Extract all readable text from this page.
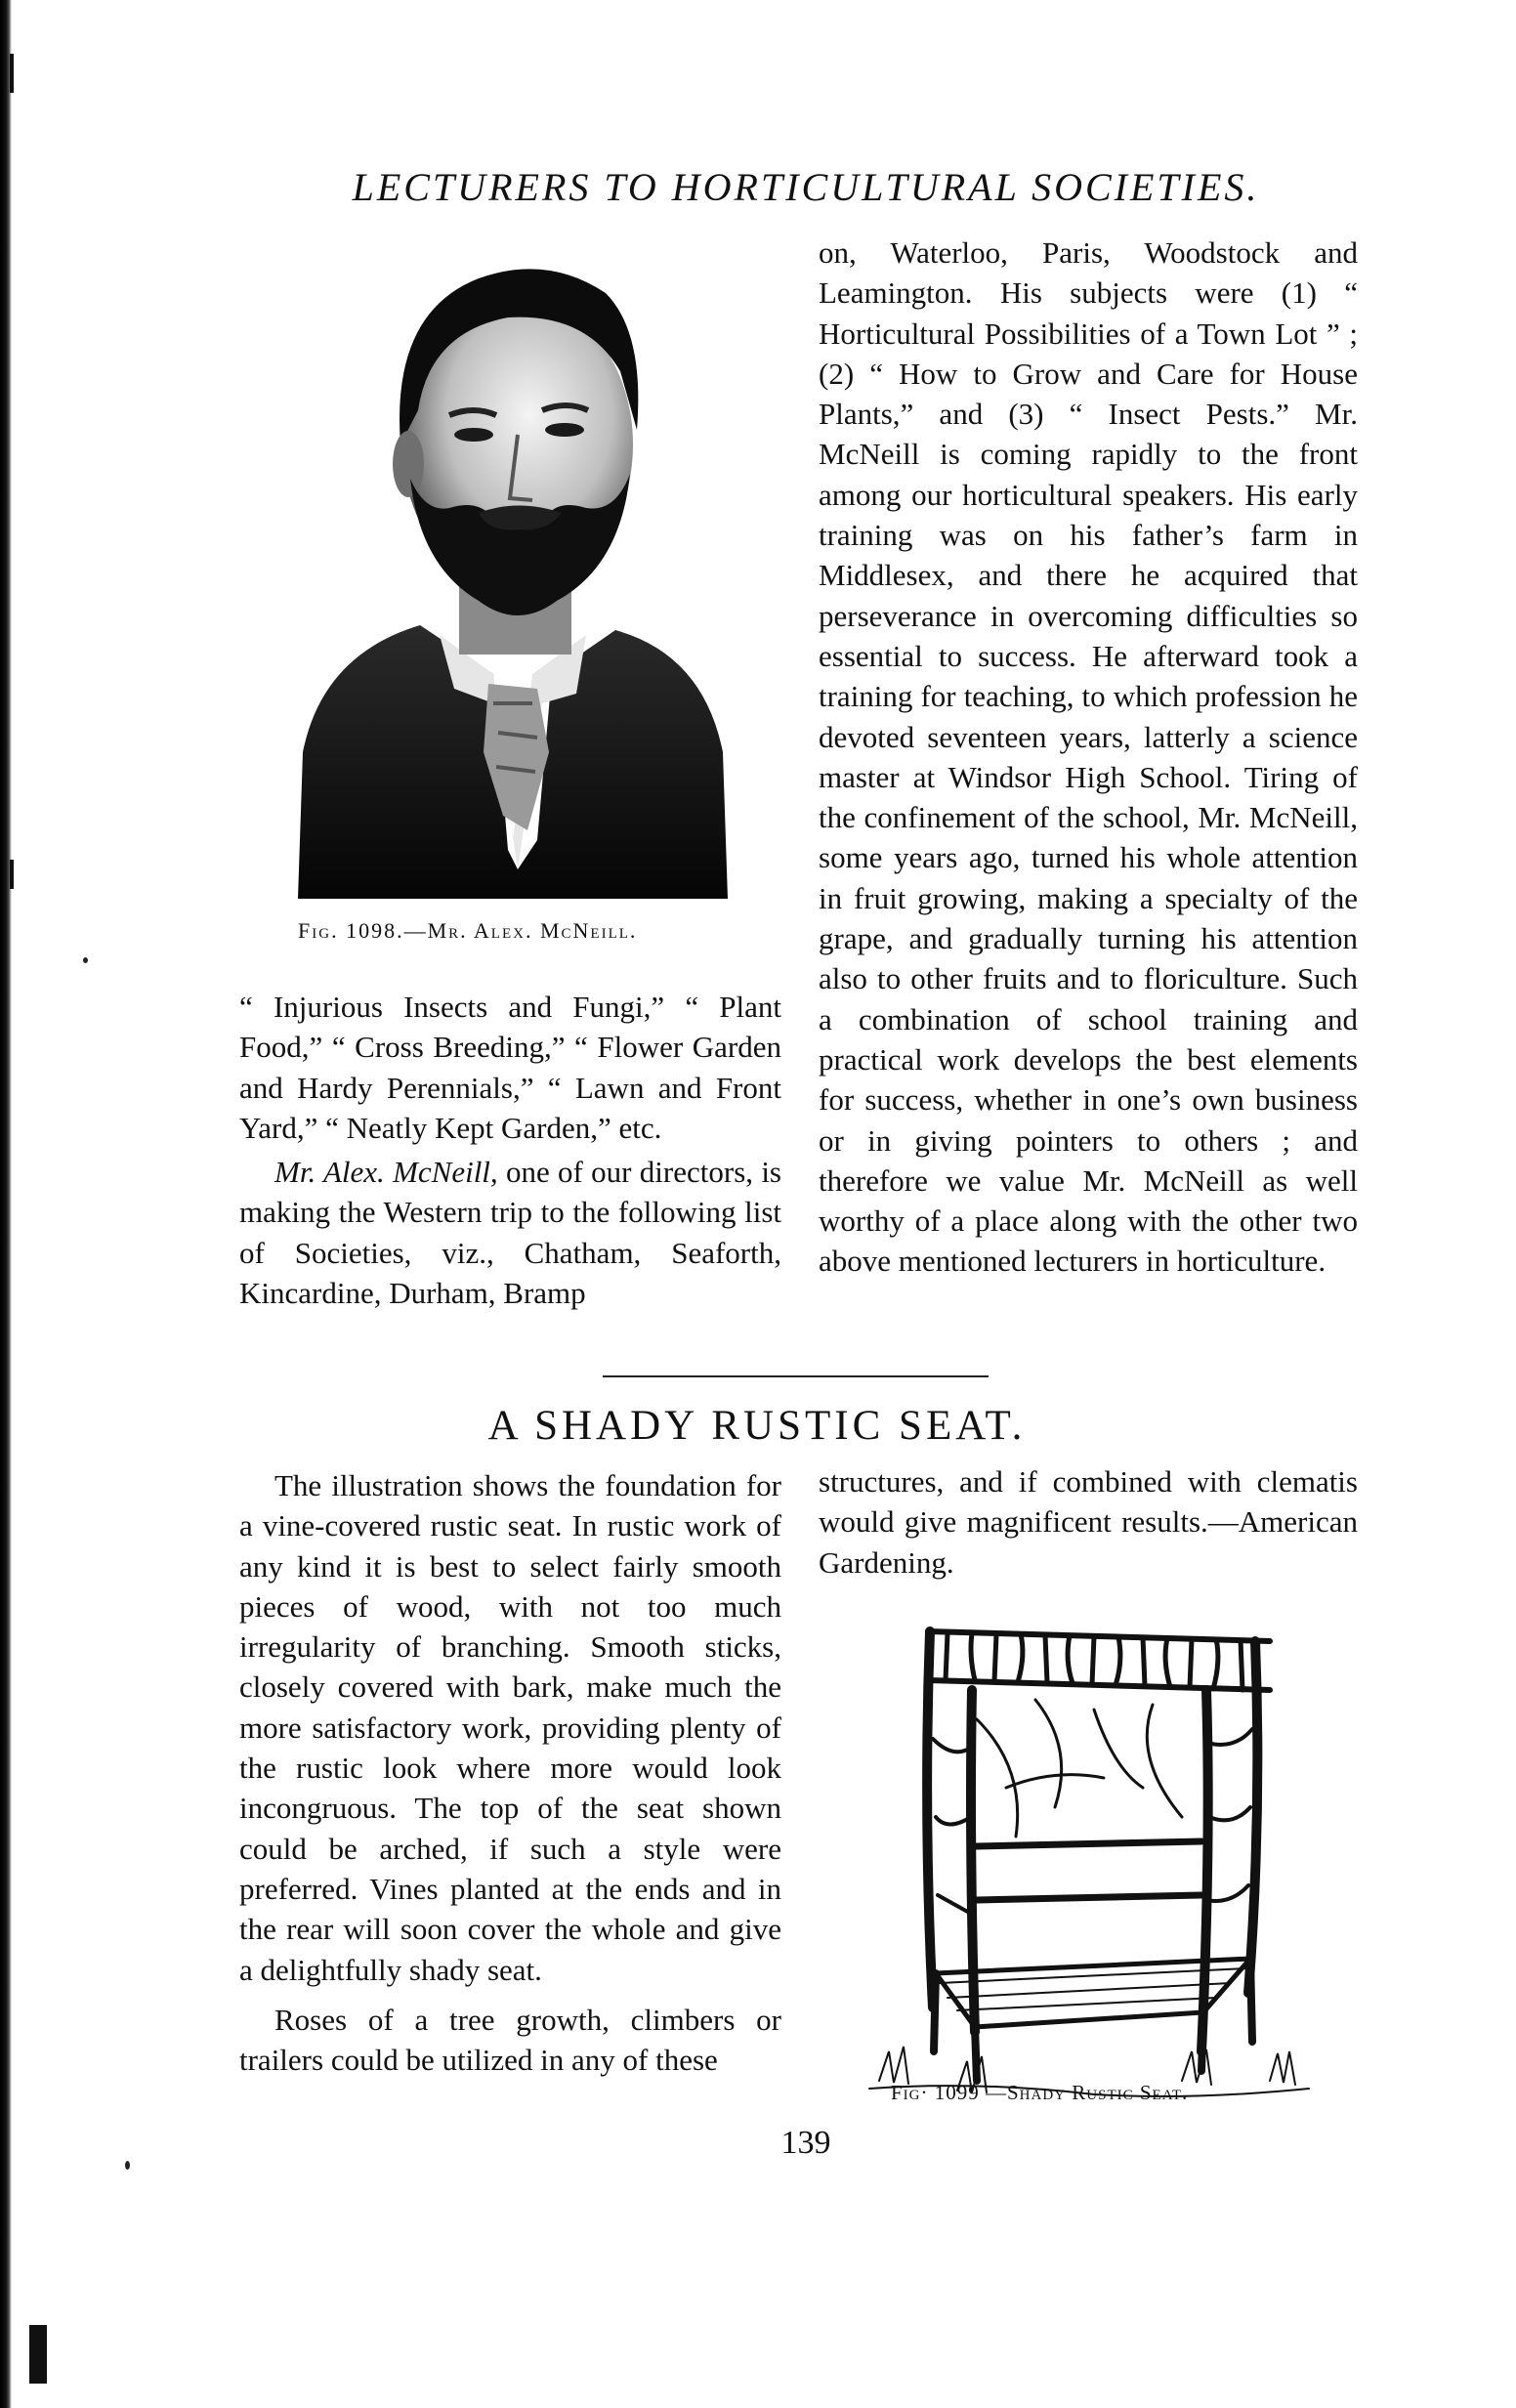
LECTURERS TO HORTICULTURAL SOCIETIES.
Fig. 1098.—Mr. Alex. McNeill.

“ Injurious Insects and Fungi,” “ Plant Food,” “ Cross Breeding,” “ Flower Garden and Hardy Perennials,” “ Lawn and Front Yard,” “ Neatly Kept Garden,” etc.

Mr. Alex. McNeill, one of our directors, is making the Western trip to the following list of Societies, viz., Chatham, Seaforth, Kincardine, Durham, Bramp

on, Waterloo, Paris, Woodstock and Leamington. His subjects were (1) “ Horticultural Possibilities of a Town Lot ” ; (2) “ How to Grow and Care for House Plants,” and (3) “ Insect Pests.” Mr. McNeill is coming rapidly to the front among our horticultural speakers. His early training was on his father’s farm in Middlesex, and there he acquired that perseverance in overcoming difficulties so essential to success. He afterward took a training for teaching, to which profession he devoted seventeen years, latterly a science master at Windsor High School. Tiring of the confinement of the school, Mr. McNeill, some years ago, turned his whole attention in fruit growing, making a specialty of the grape, and gradually turning his attention also to other fruits and to floriculture. Such a combination of school training and practical work develops the best elements for success, whether in one’s own business or in giving pointers to others ; and therefore we value Mr. McNeill as well worthy of a place along with the other two above mentioned lecturers in horticulture.

A SHADY RUSTIC SEAT.

The illustration shows the foundation for a vine-covered rustic seat. In rustic work of any kind it is best to select fairly smooth pieces of wood, with not too much irregularity of branching. Smooth sticks, closely covered with bark, make much the more satisfactory work, providing plenty of the rustic look where more would look incongruous. The top of the seat shown could be arched, if such a style were preferred. Vines planted at the ends and in the rear will soon cover the whole and give a delightfully shady seat.

Roses of a tree growth, climbers or trailers could be utilized in any of these

structures, and if combined with clematis would give magnificent results.—American Gardening.

Fig· 1099 —Shady Rustic Seat.
139
